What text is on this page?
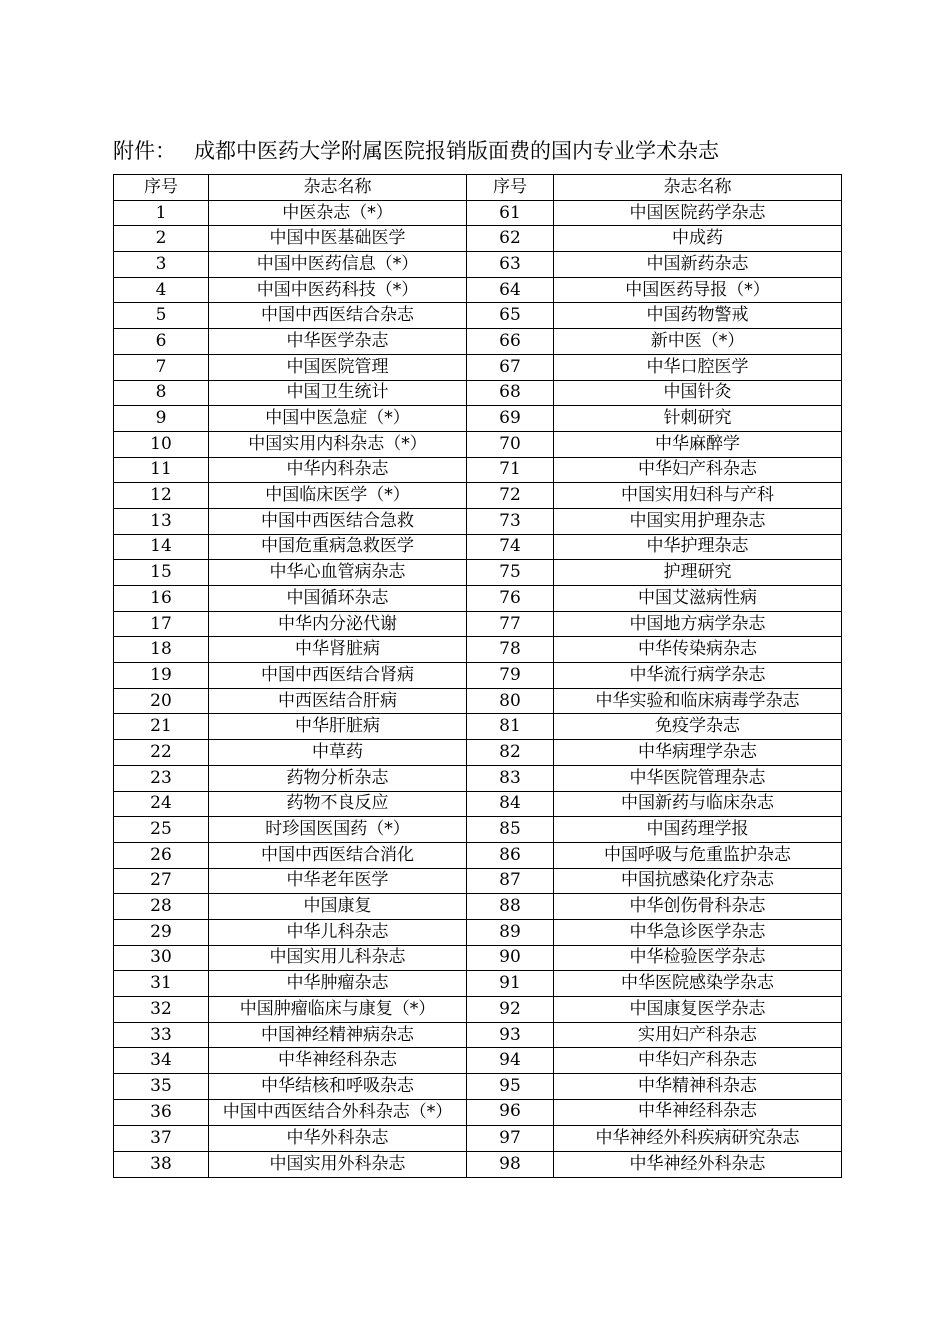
附件： 成都中医药大学附属医院报销版面费的国内专业学术杂志
序号	杂志名称	序号	杂志名称
1	中医杂志（*）	61	中国医院药学杂志
2	中国中医基础医学	62	中成药
3	中国中医药信息（*）	63	中国新药杂志
4	中国中医药科技（*）	64	中国医药导报（*）
5	中国中西医结合杂志	65	中国药物警戒
6	中华医学杂志	66	新中医（*）
7	中国医院管理	67	中华口腔医学
8	中国卫生统计	68	中国针灸
9	中国中医急症（*）	69	针刺研究
10	中国实用内科杂志（*）	70	中华麻醉学
11	中华内科杂志	71	中华妇产科杂志
12	中国临床医学（*）	72	中国实用妇科与产科
13	中国中西医结合急救	73	中国实用护理杂志
14	中国危重病急救医学	74	中华护理杂志
15	中华心血管病杂志	75	护理研究
16	中国循环杂志	76	中国艾滋病性病
17	中华内分泌代谢	77	中国地方病学杂志
18	中华肾脏病	78	中华传染病杂志
19	中国中西医结合肾病	79	中华流行病学杂志
20	中西医结合肝病	80	中华实验和临床病毒学杂志
21	中华肝脏病	81	免疫学杂志
22	中草药	82	中华病理学杂志
23	药物分析杂志	83	中华医院管理杂志
24	药物不良反应	84	中国新药与临床杂志
25	时珍国医国药（*）	85	中国药理学报
26	中国中西医结合消化	86	中国呼吸与危重监护杂志
27	中华老年医学	87	中国抗感染化疗杂志
28	中国康复	88	中华创伤骨科杂志
29	中华儿科杂志	89	中华急诊医学杂志
30	中国实用儿科杂志	90	中华检验医学杂志
31	中华肿瘤杂志	91	中华医院感染学杂志
32	中国肿瘤临床与康复（*）	92	中国康复医学杂志
33	中国神经精神病杂志	93	实用妇产科杂志
34	中华神经科杂志	94	中华妇产科杂志
35	中华结核和呼吸杂志	95	中华精神科杂志
36	中国中西医结合外科杂志（*）	96	中华神经科杂志
37	中华外科杂志	97	中华神经外科疾病研究杂志
38	中国实用外科杂志	98	中华神经外科杂志
